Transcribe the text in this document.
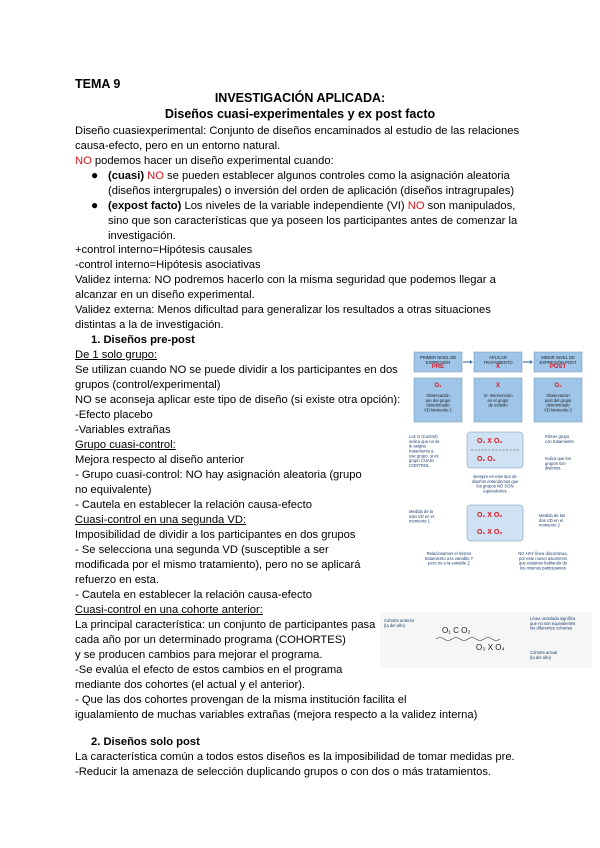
TEMA 9
INVESTIGACIÓN APLICADA:
Diseños cuasi-experimentales y ex post facto
Diseño cuasiexperimental: Conjunto de diseños encaminados al estudio de las relaciones
causa-efecto, pero en un entorno natural.
NO podemos hacer un diseño experimental cuando:
● (cuasi) NO se pueden establecer algunos controles como la asignación aleatoria
(diseños intergrupales) o inversión del orden de aplicación (diseños intragrupales)
● (expost facto) Los niveles de la variable independiente (VI) NO son manipulados,
sino que son características que ya poseen los participantes antes de comenzar la
investigación.
+control interno=Hipótesis causales
-control interno=Hipótesis asociativas
Validez interna: NO podremos hacerlo con la misma seguridad que podemos llegar a
alcanzar en un diseño experimental.
Validez externa: Menos dificultad para generalizar los resultados a otras situaciones
distintas a la de investigación.
1. Diseños pre-post
De 1 solo grupo:
Se utilizan cuando NO se puede dividir a los participantes en dos
grupos (control/experimental)
NO se aconseja aplicar este tipo de diseño (si existe otra opción):
-Efecto placebo
-Variables extrañas
Grupo cuasi-control:
Mejora respecto al diseño anterior
- Grupo cuasi-control: NO hay asignación aleatoria (grupo
no equivalente)
- Cautela en establecer la relación causa-efecto
Cuasi-control en una segunda VD:
Imposibilidad de dividir a los participantes en dos grupos
- Se selecciona una segunda VD (susceptible a ser
modificada por el mismo tratamiento), pero no se aplicará
refuerzo en esta.
- Cautela en establecer la relación causa-efecto
Cuasi-control en una cohorte anterior:
La principal característica: un conjunto de participantes pasa
cada año por un determinado programa (COHORTES)
y se producen cambios para mejorar el programa.
-Se evalúa el efecto de estos cambios en el programa
mediante dos cohortes (el actual y el anterior).
- Que las dos cohortes provengan de la misma institución facilita el
igualamiento de muchas variables extrañas (mejora respecto a la validez interna)
2. Diseños solo post
La característica común a todos estos diseños es la imposibilidad de tomar medidas pre.
-Reducir la amenaza de selección duplicando grupos o con dos o más tratamientos.
PRIMER NIVEL DE EXPRESIÓN
PRE
APLICAR TRATAMIENTO
X
MEDIR NIVEL DE EXPRESIÓN POST
POST
O₁
Observación pre del grupo determinado VD Momento 1
X
VI: Intervención en el grupo de estudio
O₂
Observación post del grupo determinado VD Momento 2
Los G (Control) indica que no se le asigna tratamiento a ese grupo, si es grupo CUASI CONTROL
O₁ X O₂
O₁ O₂
Primer grupo con tratamiento
Indica que los grupos son distintos.
siempre en este tipo de diseños entendemos que los grupos NO SON equivalentes
Medida de la sola VD en el momento 1
O₁ X O₂
O₁ X O₂
Medida de las dos VD en el momento 2
Relacionamos el mismo tratamiento a la variable Y pero no a la variable Z
NO HAY línea discontinua, por este nuevo asumimos que estamos hablando de los mismos participantes
Cohorte anterior (la del año)
O₁ C O₂
O₃ X O₄
Línea ondulada significa que no son equivalentes los diferentes cohortes
Cohorte actual (la del año)
